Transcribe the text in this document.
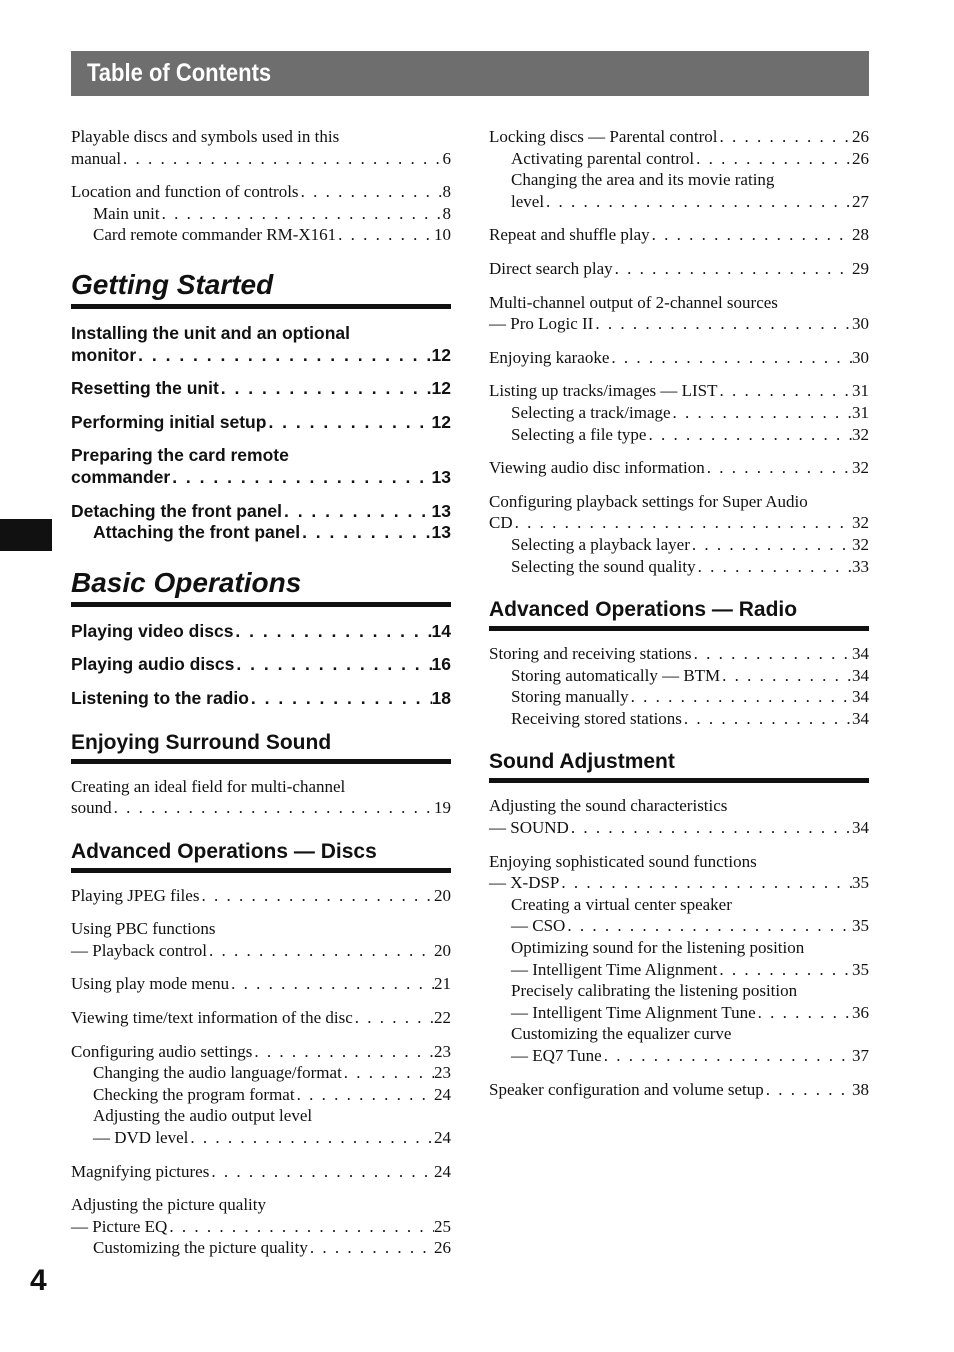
Table of Contents
Playable discs and symbols used in this
manual . . .	6
Location and function of controls . . .	8
Main unit . . .	8
Card remote commander RM-X161 . . .	10
Getting Started
Installing the unit and an optional
monitor . . .	12
Resetting the unit . . .	12
Performing initial setup . . .	12
Preparing the card remote
commander . . .	13
Detaching the front panel . . .	13
Attaching the front panel . . .	13
Basic Operations
Playing video discs . . .	14
Playing audio discs . . .	16
Listening to the radio . . .	18
Enjoying Surround Sound
Creating an ideal field for multi-channel
sound . . .	19
Advanced Operations — Discs
Playing JPEG files . . .	20
Using PBC functions
— Playback control . . .	20
Using play mode menu . . .	21
Viewing time/text information of the disc . . .	22
Configuring audio settings . . .	23
Changing the audio language/format . . .	23
Checking the program format . . .	24
Adjusting the audio output level
— DVD level . . .	24
Magnifying pictures . . .	24
Adjusting the picture quality
— Picture EQ . . .	25
Customizing the picture quality . . .	26
Locking discs — Parental control . . .	26
Activating parental control . . .	26
Changing the area and its movie rating
level . . .	27
Repeat and shuffle play . . .	28
Direct search play . . .	29
Multi-channel output of 2-channel sources
— Pro Logic II . . .	30
Enjoying karaoke . . .	30
Listing up tracks/images — LIST . . .	31
Selecting a track/image . . .	31
Selecting a file type . . .	32
Viewing audio disc information . . .	32
Configuring playback settings for Super Audio
CD . . .	32
Selecting a playback layer . . .	32
Selecting the sound quality . . .	33
Advanced Operations — Radio
Storing and receiving stations . . .	34
Storing automatically — BTM . . .	34
Storing manually . . .	34
Receiving stored stations . . .	34
Sound Adjustment
Adjusting the sound characteristics
— SOUND . . .	34
Enjoying sophisticated sound functions
— X-DSP . . .	35
Creating a virtual center speaker
— CSO . . .	35
Optimizing sound for the listening position
— Intelligent Time Alignment . . .	35
Precisely calibrating the listening position
— Intelligent Time Alignment Tune . . .	36
Customizing the equalizer curve
— EQ7 Tune . . .	37
Speaker configuration and volume setup . . .	38
4
